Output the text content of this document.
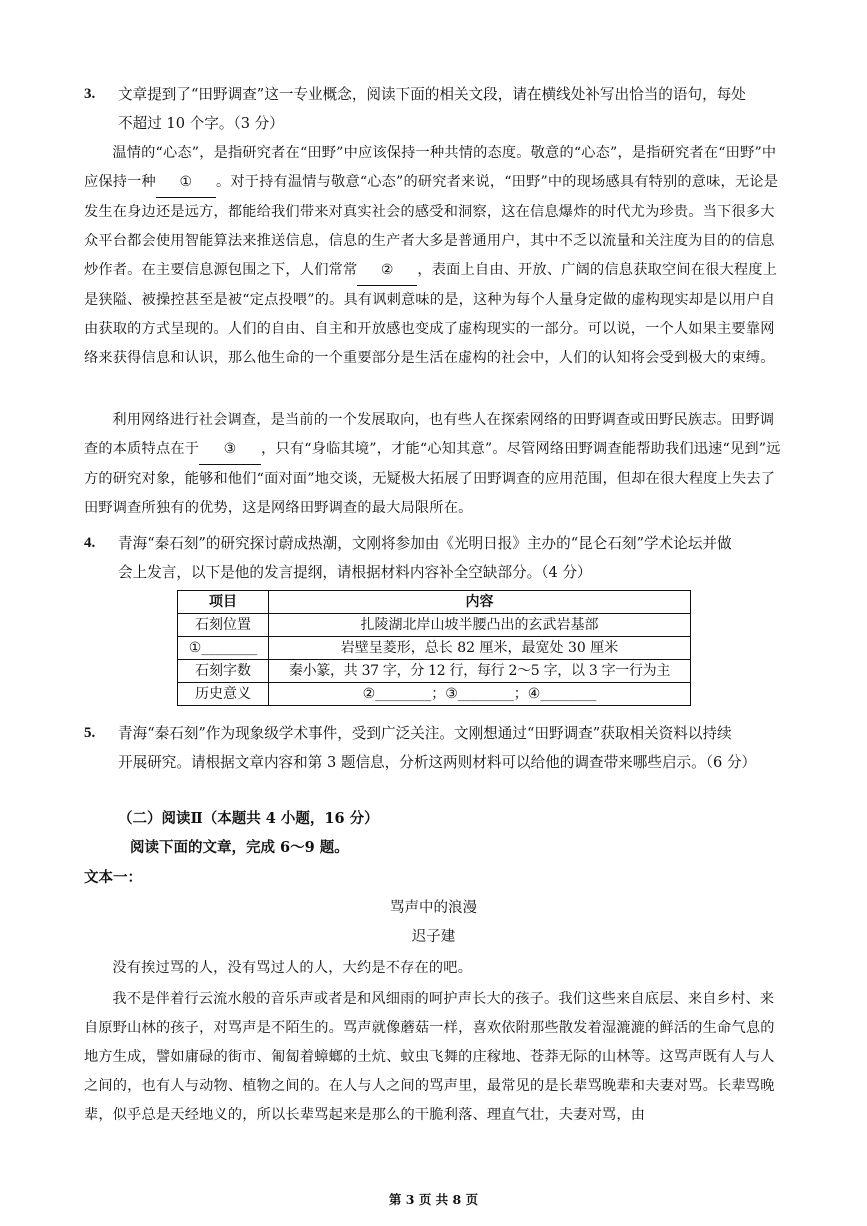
3. 文章提到了“田野调查”这一专业概念，阅读下面的相关文段，请在横线处补写出恰当的语句，每处
不超过 10 个字。（3 分）
温情的“心态”，是指研究者在“田野”中应该保持一种共情的态度。敬意的“心态”，是指研究者在“田野”中应保持一种 ① 。对于持有温情与敬意“心态”的研究者来说，“田野”中的现场感具有特别的意味，无论是发生在身边还是远方，都能给我们带来对真实社会的感受和洞察，这在信息爆炸的时代尤为珍贵。当下很多大众平台都会使用智能算法来推送信息，信息的生产者大多是普通用户，其中不乏以流量和关注度为目的的信息炒作者。在主要信息源包围之下，人们常常 ② ，表面上自由、开放、广阔的信息获取空间在很大程度上是狭隘、被操控甚至是被“定点投喂”的。具有讽刺意味的是，这种为每个人量身定做的虚构现实却是以用户自由获取的方式呈现的。人们的自由、自主和开放感也变成了虚构现实的一部分。可以说，一个人如果主要靠网络来获得信息和认识，那么他生命的一个重要部分是生活在虚构的社会中，人们的认知将会受到极大的束缚。
利用网络进行社会调查，是当前的一个发展取向，也有些人在探索网络的田野调查或田野民族志。田野调查的本质特点在于 ③ ，只有“身临其境”，才能“心知其意”。尽管网络田野调查能帮助我们迅速“见到”远方的研究对象，能够和他们“面对面”地交谈，无疑极大拓展了田野调查的应用范围，但却在很大程度上失去了田野调查所独有的优势，这是网络田野调查的最大局限所在。
4. 青海“秦石刻”的研究探讨蔚成热潮，文刚将参加由《光明日报》主办的“昆仑石刻”学术论坛并做
会上发言，以下是他的发言提纲，请根据材料内容补全空缺部分。（4 分）
项目	内容
石刻位置	扎陵湖北岸山坡半腰凸出的玄武岩基部
①________	岩壁呈菱形，总长 82 厘米，最宽处 30 厘米
石刻字数	秦小篆，共 37 字，分 12 行，每行 2～5 字，以 3 字一行为主
历史意义	②________；③________；④________
5. 青海“秦石刻”作为现象级学术事件，受到广泛关注。文刚想通过“田野调查”获取相关资料以持续
开展研究。请根据文章内容和第 3 题信息，分析这两则材料可以给他的调查带来哪些启示。（6 分）
（二）阅读Ⅱ（本题共 4 小题，16 分）
阅读下面的文章，完成 6～9 题。
文本一：
骂声中的浪漫
迟子建
没有挨过骂的人，没有骂过人的人，大约是不存在的吧。
我不是伴着行云流水般的音乐声或者是和风细雨的呵护声长大的孩子。我们这些来自底层、来自乡村、来自原野山林的孩子，对骂声是不陌生的。骂声就像蘑菇一样，喜欢依附那些散发着湿漉漉的鲜活的生命气息的地方生成，譬如庸碌的街市、匍匐着蟑螂的土炕、蚊虫飞舞的庄稼地、苍莽无际的山林等。这骂声既有人与人之间的，也有人与动物、植物之间的。在人与人之间的骂声里，最常见的是长辈骂晚辈和夫妻对骂。长辈骂晚辈，似乎总是天经地义的，所以长辈骂起来是那么的干脆利落、理直气壮，夫妻对骂，由
第 3 页 共 8 页
